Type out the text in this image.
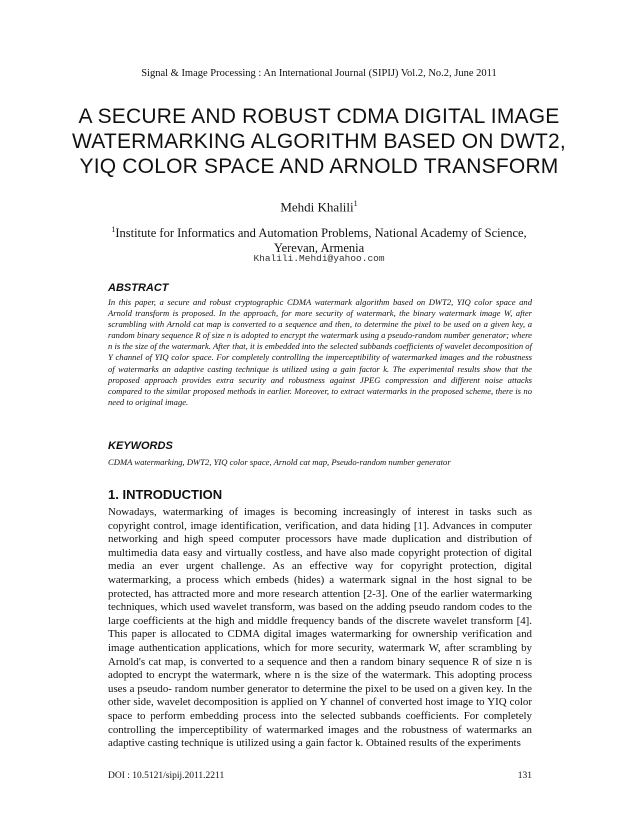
Signal & Image Processing : An International Journal (SIPIJ) Vol.2, No.2, June 2011
A SECURE AND ROBUST CDMA DIGITAL IMAGE
WATERMARKING ALGORITHM BASED ON DWT2,
YIQ COLOR SPACE AND ARNOLD TRANSFORM
Mehdi Khalili$^1$
$^1$Institute for Informatics and Automation Problems, National Academy of Science, Yerevan, Armenia
Khalili.Mehdi@yahoo.com
ABSTRACT
In this paper, a secure and robust cryptographic CDMA watermark algorithm based on DWT2, YIQ color space and Arnold transform is proposed. In the approach, for more security of watermark, the binary watermark image W, after scrambling with Arnold cat map is converted to a sequence and then, to determine the pixel to be used on a given key, a random binary sequence R of size n is adopted to encrypt the watermark using a pseudo-random number generator; where n is the size of the watermark. After that, it is embedded into the selected subbands coefficients of wavelet decomposition of Y channel of YIQ color space. For completely controlling the imperceptibility of watermarked images and the robustness of watermarks an adaptive casting technique is utilized using a gain factor k. The experimental results show that the proposed approach provides extra security and robustness against JPEG compression and different noise attacks compared to the similar proposed methods in earlier. Moreover, to extract watermarks in the proposed scheme, there is no need to original image.
KEYWORDS
CDMA watermarking, DWT2, YIQ color space, Arnold cat map, Pseudo-random number generator
1. INTRODUCTION
Nowadays, watermarking of images is becoming increasingly of interest in tasks such as copyright control, image identification, verification, and data hiding [1]. Advances in computer networking and high speed computer processors have made duplication and distribution of multimedia data easy and virtually costless, and have also made copyright protection of digital media an ever urgent challenge. As an effective way for copyright protection, digital watermarking, a process which embeds (hides) a watermark signal in the host signal to be protected, has attracted more and more research attention [2-3]. One of the earlier watermarking techniques, which used wavelet transform, was based on the adding pseudo random codes to the large coefficients at the high and middle frequency bands of the discrete wavelet transform [4]. This paper is allocated to CDMA digital images watermarking for ownership verification and image authentication applications, which for more security, watermark W, after scrambling by Arnold's cat map, is converted to a sequence and then a random binary sequence R of size n is adopted to encrypt the watermark, where n is the size of the watermark. This adopting process uses a pseudo- random number generator to determine the pixel to be used on a given key. In the other side, wavelet decomposition is applied on Y channel of converted host image to YIQ color space to perform embedding process into the selected subbands coefficients. For completely controlling the imperceptibility of watermarked images and the robustness of watermarks an adaptive casting technique is utilized using a gain factor k. Obtained results of the experiments
DOI : 10.5121/sipij.2011.2211	131
